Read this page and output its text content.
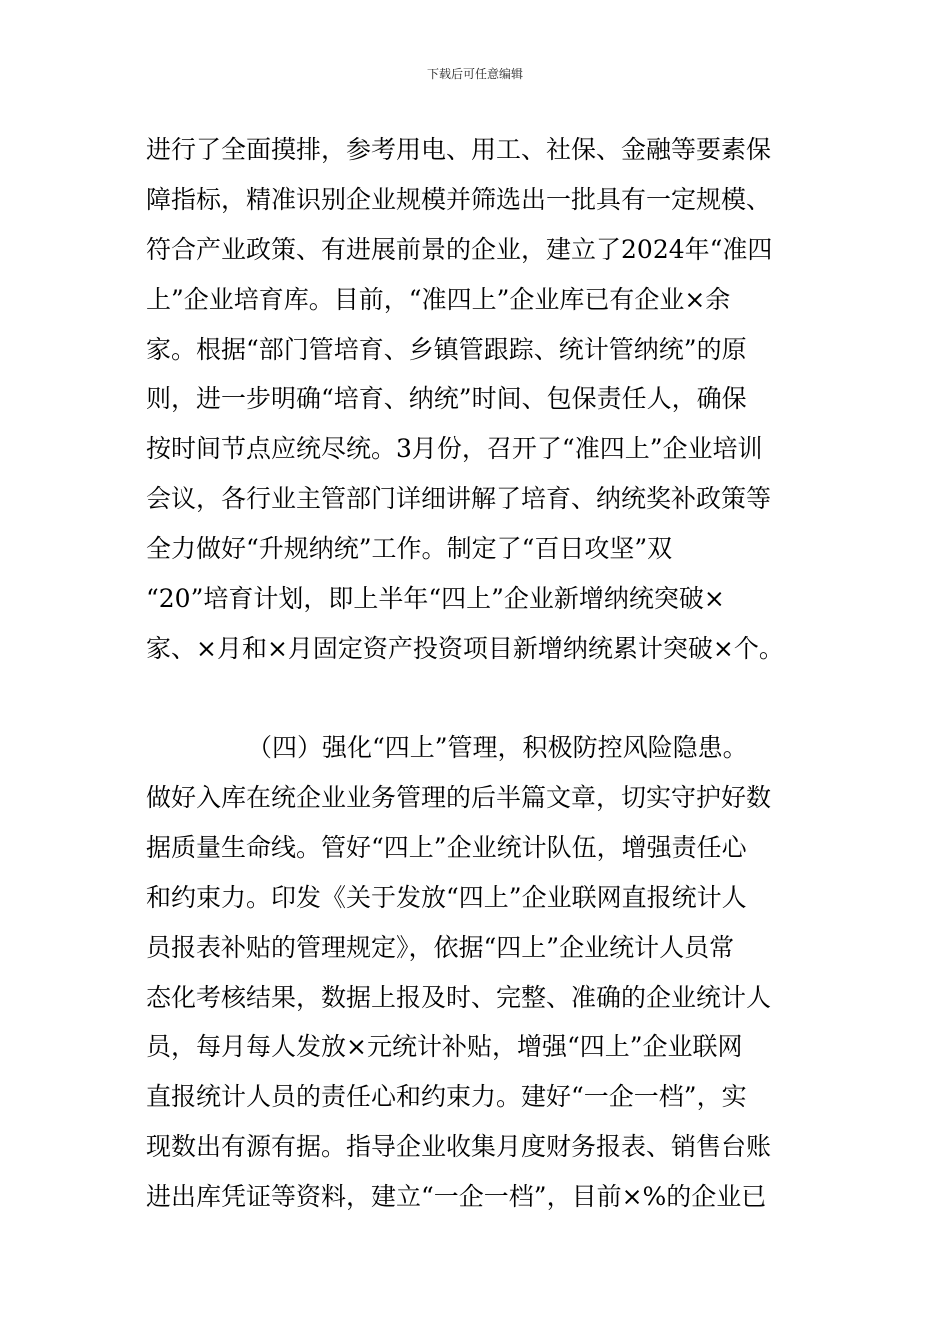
下载后可任意编辑
进行了全面摸排，参考用电、用工、社保、金融等要素保
障指标，精准识别企业规模并筛选出一批具有一定规模、
符合产业政策、有进展前景的企业，建立了2024年“准四
上”企业培育库。目前，“准四上”企业库已有企业×余
家。根据“部门管培育、乡镇管跟踪、统计管纳统”的原
则，进一步明确“培育、纳统”时间、包保责任人，确保
按时间节点应统尽统。3月份，召开了“准四上”企业培训
会议，各行业主管部门详细讲解了培育、纳统奖补政策等
全力做好“升规纳统”工作。制定了“百日攻坚”双
“20”培育计划，即上半年“四上”企业新增纳统突破×
家、×月和×月固定资产投资项目新增纳统累计突破×个。
（四）强化“四上”管理，积极防控风险隐患。
做好入库在统企业业务管理的后半篇文章，切实守护好数
据质量生命线。管好“四上”企业统计队伍，增强责任心
和约束力。印发《关于发放“四上”企业联网直报统计人
员报表补贴的管理规定》，依据“四上”企业统计人员常
态化考核结果，数据上报及时、完整、准确的企业统计人
员，每月每人发放×元统计补贴，增强“四上”企业联网
直报统计人员的责任心和约束力。建好“一企一档”，实
现数出有源有据。指导企业收集月度财务报表、销售台账
进出库凭证等资料，建立“一企一档”，目前×%的企业已
